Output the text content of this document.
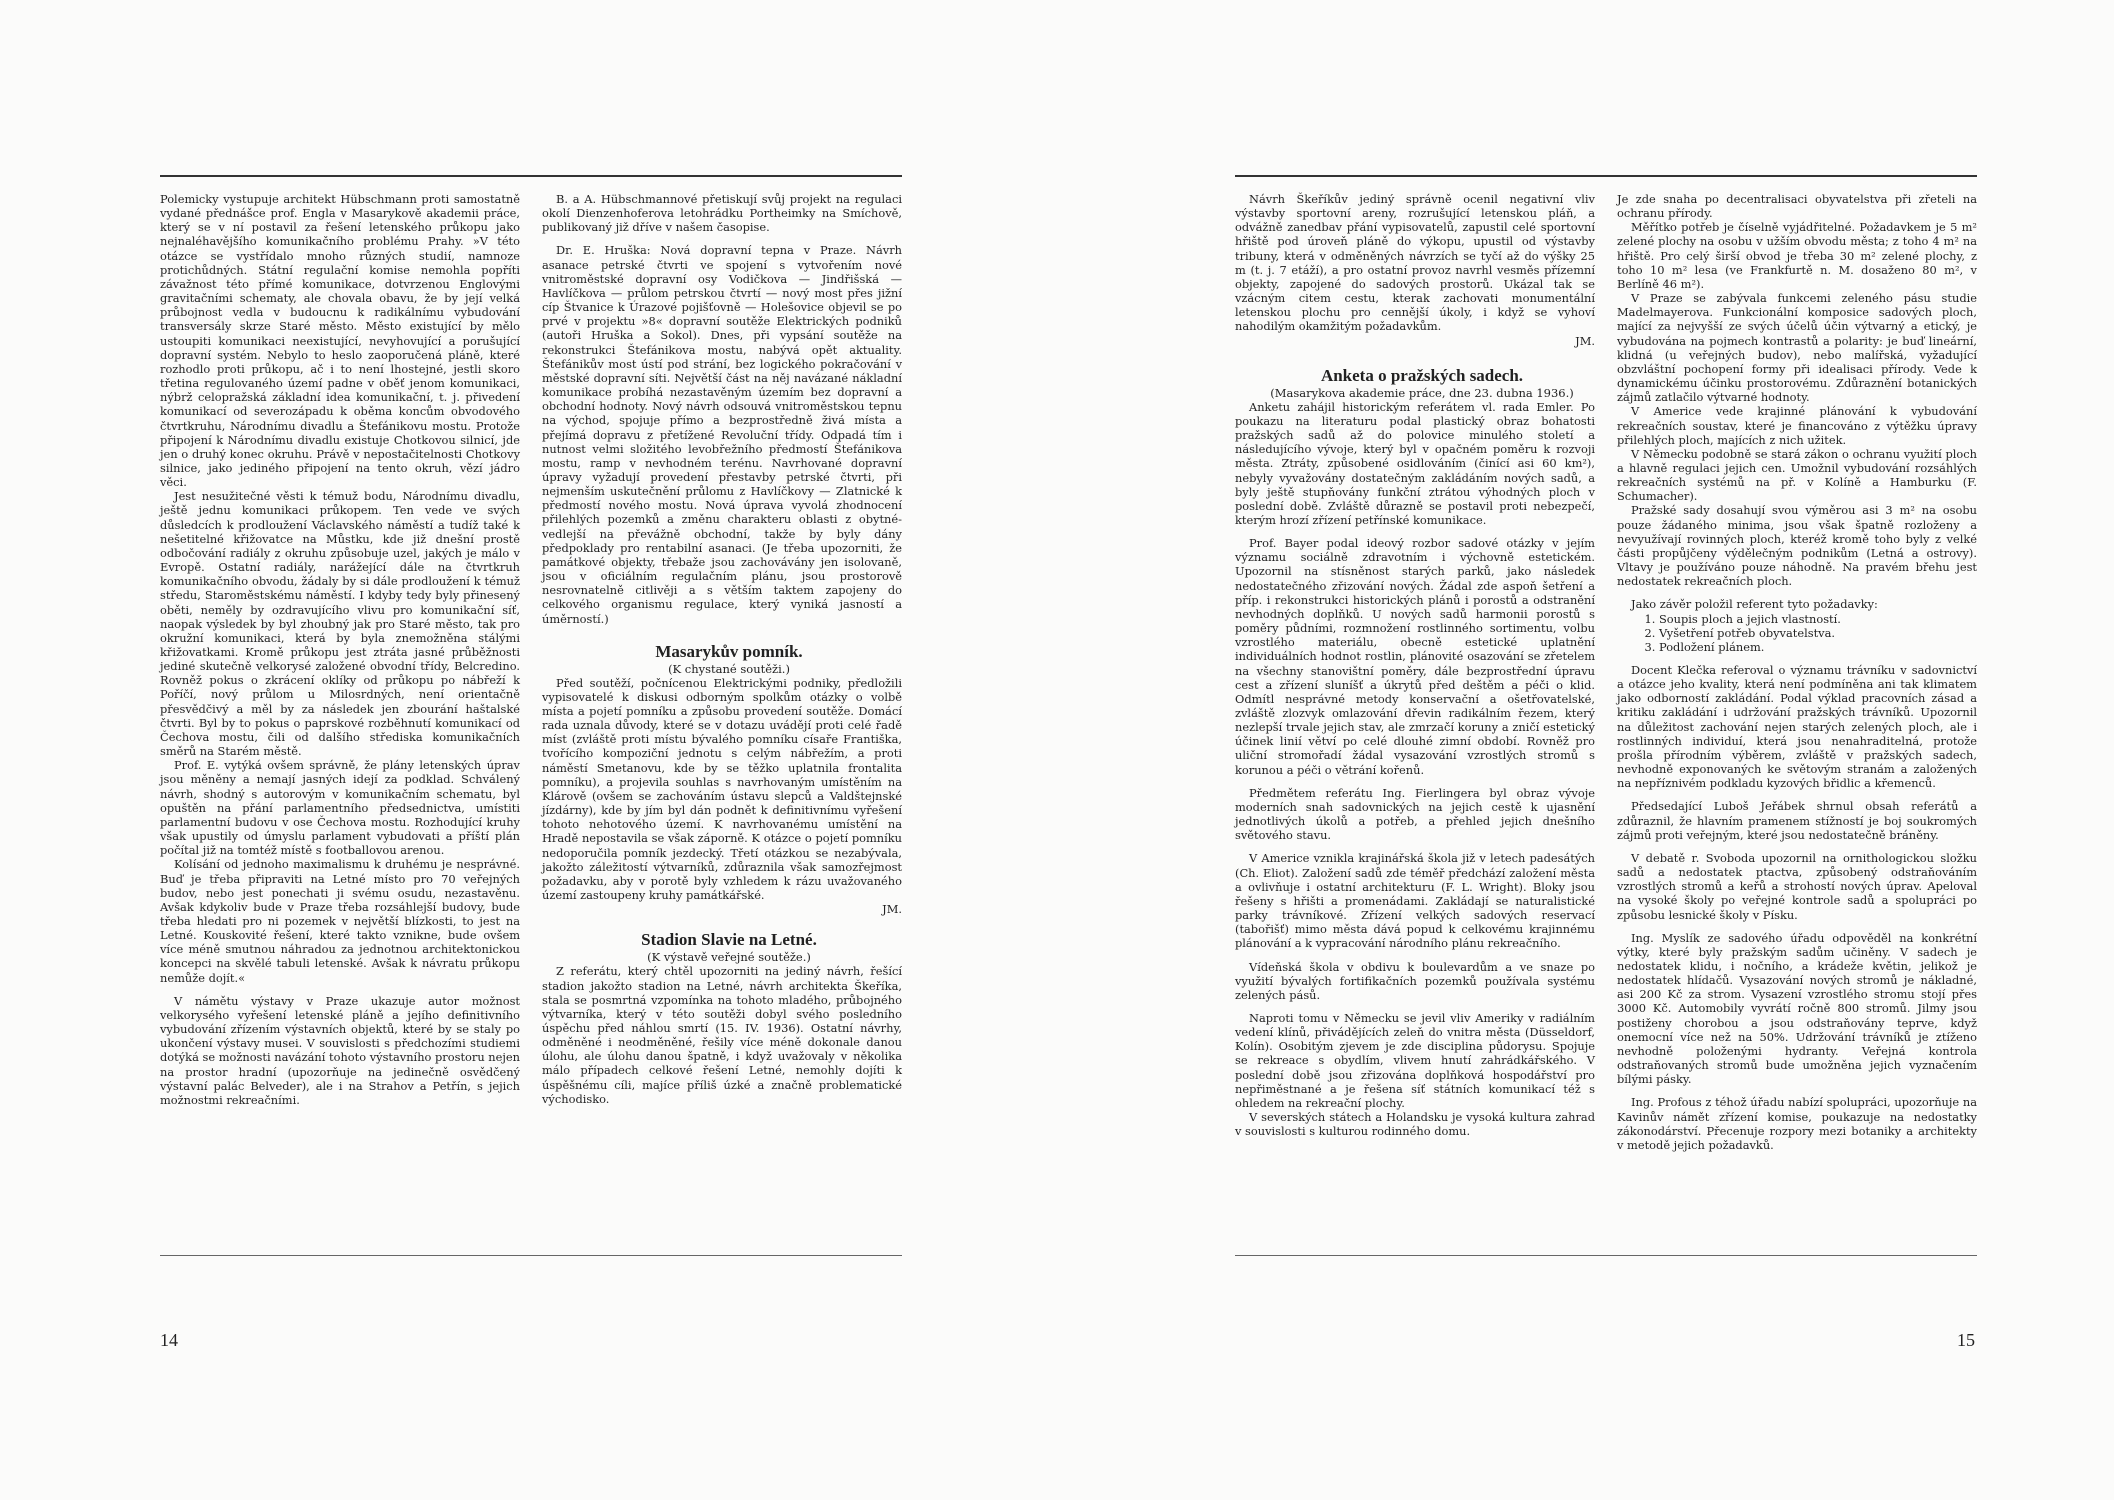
Polemicky vystupuje architekt Hübschmann proti samostatně vydané přednášce prof. Engla v Masarykově akademii práce, který se v ní postavil za řešení letenského průkopu jako nejnaléhavějšího komunikačního problému Prahy. »V této otázce se vystřídalo mnoho různých studií, namnoze protichůdných. Státní regulační komise nemohla popříti závažnost této přímé komunikace, dotvrzenou Englovými gravitačními schematy, ale chovala obavu, že by její velká průbojnost vedla v budoucnu k radikálnímu vybudování transversály skrze Staré město. Město existující by mělo ustoupiti komunikaci neexistující, nevyhovující a porušující dopravní systém. Nebylo to heslo zaoporučená pláně, které rozhodlo proti průkopu, ač i to není lhostejné, jestli skoro třetina regulovaného území padne v oběť jenom komunikaci, nýbrž celopražská základní idea komunikační, t. j. přivedení komunikací od severozápadu k oběma koncům obvodového čtvrtkruhu, Národnímu divadlu a Štefánikovu mostu. Protože připojení k Národnímu divadlu existuje Chotkovou silnicí, jde jen o druhý konec okruhu. Právě v nepostačitelnosti Chotkovy silnice, jako jediného připojení na tento okruh, vězí jádro věci.

Jest nesužitečné věsti k témuž bodu, Národnímu divadlu, ještě jednu komunikaci průkopem. Ten vede ve svých důsledcích k prodloužení Václavského náměstí a tudíž také k nešetitelné křižovatce na Můstku, kde již dnešní prostě odbočování radiály z okruhu způsobuje uzel, jakých je málo v Evropě. Ostatní radiály, narážející dále na čtvrtkruh komunikačního obvodu, žádaly by si dále prodloužení k témuž středu, Staroměstskému náměstí. I kdyby tedy byly přinesený oběti, neměly by ozdravujícího vlivu pro komunikační síť, naopak výsledek by byl zhoubný jak pro Staré město, tak pro okružní komunikaci, která by byla znemožněna stálými křižovatkami. Kromě průkopu jest ztráta jasné průběžnosti jediné skutečně velkorysé založené obvodní třídy, Belcredino. Rovněž pokus o zkrácení oklíky od průkopu po nábřeží k Poříčí, nový průlom u Milosrdných, není orientačně přesvědčivý a měl by za následek jen zbourání haštalské čtvrti. Byl by to pokus o paprskové rozběhnutí komunikací od Čechova mostu, čili od dalšího střediska komunikačních směrů na Starém městě.

Prof. E. vytýká ovšem správně, že plány letenských úprav jsou měněny a nemají jasných idejí za podklad. Schválený návrh, shodný s autorovým v komunikačním schematu, byl opuštěn na přání parlamentního předsednictva, umístiti parlamentní budovu v ose Čechova mostu. Rozhodující kruhy však upustily od úmyslu parlament vybudovati a příští plán počítal již na tomtéž místě s footballovou arenou.

Kolísání od jednoho maximalismu k druhému je nesprávné. Buď je třeba připraviti na Letné místo pro 70 veřejných budov, nebo jest ponechati ji svému osudu, nezastavěnu. Avšak kdykoliv bude v Praze třeba rozsáhlejší budovy, bude třeba hledati pro ni pozemek v největší blízkosti, to jest na Letné. Kouskovité řešení, které takto vznikne, bude ovšem více méně smutnou náhradou za jednotnou architektonickou koncepci na skvělé tabuli letenské. Avšak k návratu průkopu nemůže dojít.«

V námětu výstavy v Praze ukazuje autor možnost velkorysého vyřešení letenské pláně a jejího definitivního vybudování zřízením výstavních objektů, které by se staly po ukončení výstavy musei. V souvislosti s předchozími studiemi dotýká se možnosti navázání tohoto výstavního prostoru nejen na prostor hradní (upozorňuje na jedinečně osvědčený výstavní palác Belveder), ale i na Strahov a Petřín, s jejich možnostmi rekreačními.

B. a A. Hübschmannové přetiskují svůj projekt na regulaci okolí Dienzenhoferova letohrádku Portheimky na Smíchově, publikovaný již dříve v našem časopise.

Dr. E. Hruška: Nová dopravní tepna v Praze. Návrh asanace petrské čtvrti ve spojení s vytvořením nové vnitroměstské dopravní osy Vodičkova — Jindřišská — Havlíčkova — průlom petrskou čtvrtí — nový most přes jižní cíp Štvanice k Úrazové pojišťovně — Holešovice objevil se po prvé v projektu »8« dopravní soutěže Elektrických podniků (autoři Hruška a Sokol). Dnes, při vypsání soutěže na rekonstrukci Štefánikova mostu, nabývá opět aktuality. Štefánikův most ústí pod strání, bez logického pokračování v městské dopravní síti. Největší část na něj navázané nákladní komunikace probíhá nezastavěným územím bez dopravní a obchodní hodnoty. Nový návrh odsouvá vnitroměstskou tepnu na východ, spojuje přímo a bezprostředně živá místa a přejímá dopravu z přetížené Revoluční třídy. Odpadá tím i nutnost velmi složitého levobřežního předmostí Štefánikova mostu, ramp v nevhodném terénu. Navrhované dopravní úpravy vyžadují provedení přestavby petrské čtvrti, při nejmenším uskutečnění průlomu z Havlíčkovy — Zlatnické k předmostí nového mostu. Nová úprava vyvolá zhodnocení přilehlých pozemků a změnu charakteru oblasti z obytné-vedlejší na převážně obchodní, takže by byly dány předpoklady pro rentabilní asanaci. (Je třeba upozorniti, že památkové objekty, třebaže jsou zachovávány jen isolovaně, jsou v oficiálním regulačním plánu, jsou prostorově nesrovnatelně citlivěji a s větším taktem zapojeny do celkového organismu regulace, který vyniká jasností a úměrností.)

Masarykův pomník.

(K chystané soutěži.)

Před soutěží, počnícenou Elektrickými podniky, předložili vypisovatelé k diskusi odborným spolkům otázky o volbě místa a pojetí pomníku a způsobu provedení soutěže. Domácí rada uznala důvody, které se v dotazu uvádějí proti celé řadě míst (zvláště proti místu bývalého pomníku císaře Františka, tvořícího kompoziční jednotu s celým nábřežím, a proti náměstí Smetanovu, kde by se těžko uplatnila frontalita pomníku), a projevila souhlas s navrhovaným umístěním na Klárově (ovšem se zachováním ústavu slepců a Valdštejnské jízdárny), kde by jím byl dán podnět k definitivnímu vyřešení tohoto nehotového území. K navrhovanému umístění na Hradě nepostavila se však záporně. K otázce o pojetí pomníku nedoporučila pomník jezdecký. Třetí otázkou se nezabývala, jakožto záležitostí výtvarníků, zdůraznila však samozřejmost požadavku, aby v porotě byly vzhledem k rázu uvažovaného území zastoupeny kruhy památkářské.

JM.

Stadion Slavie na Letné.

(K výstavě veřejné soutěže.)

Z referátu, který chtěl upozorniti na jediný návrh, řešící stadion jakožto stadion na Letné, návrh architekta Škeříka, stala se posmrtná vzpomínka na tohoto mladého, průbojného výtvarníka, který v této soutěži dobyl svého posledního úspěchu před náhlou smrtí (15. IV. 1936). Ostatní návrhy, odměněné i neodměněné, řešily více méně dokonale danou úlohu, ale úlohu danou špatně, i když uvažovaly v několika málo případech celkové řešení Letné, nemohly dojíti k úspěšnému cíli, majíce příliš úzké a značně problematické východisko.

14

Návrh Škeříkův jediný správně ocenil negativní vliv výstavby sportovní areny, rozrušující letenskou pláň, a odvážně zanedbav přání vypisovatelů, zapustil celé sportovní hřiště pod úroveň pláně do výkopu, upustil od výstavby tribuny, která v odměněných návrzích se tyčí až do výšky 25 m (t. j. 7 etáží), a pro ostatní provoz navrhl vesměs přízemní objekty, zapojené do sadových prostorů. Ukázal tak se vzácným citem cestu, kterak zachovati monumentální letenskou plochu pro cennější úkoly, i když se vyhoví nahodilým okamžitým požadavkům.

JM.

Anketa o pražských sadech.

(Masarykova akademie práce, dne 23. dubna 1936.)

Anketu zahájil historickým referátem vl. rada Emler. Po poukazu na literaturu podal plastický obraz bohatosti pražských sadů až do polovice minulého století a následujícího vývoje, který byl v opačném poměru k rozvoji města. Ztráty, způsobené osidlováním (činící asi 60 km²), nebyly vyvažovány dostatečným zakládáním nových sadů, a byly ještě stupňovány funkční ztrátou výhodných ploch v poslední době. Zvláště důrazně se postavil proti nebezpečí, kterým hrozí zřízení petřínské komunikace.

Prof. Bayer podal ideový rozbor sadové otázky v jejím významu sociálně zdravotním i výchovně estetickém. Upozornil na stísněnost starých parků, jako následek nedostatečného zřizování nových. Žádal zde aspoň šetření a příp. i rekonstrukci historických plánů i porostů a odstranění nevhodných doplňků. U nových sadů harmonii porostů s poměry půdními, rozmnožení rostlinného sortimentu, volbu vzrostlého materiálu, obecně estetické uplatnění individuálních hodnot rostlin, plánovité osazování se zřetelem na všechny stanovištní poměry, dále bezprostřední úpravu cest a zřízení sluníšť a úkrytů před deštěm a péči o klid. Odmítl nesprávné metody konservační a ošetřovatelské, zvláště zlozvyk omlazování dřevin radikálním řezem, který nezlepší trvale jejich stav, ale zmrzačí koruny a zničí estetický účinek linií větví po celé dlouhé zimní období. Rovněž pro uliční stromořadí žádal vysazování vzrostlých stromů s korunou a péči o větrání kořenů.

Předmětem referátu Ing. Fierlingera byl obraz vývoje moderních snah sadovnických na jejich cestě k ujasnění jednotlivých úkolů a potřeb, a přehled jejich dnešního světového stavu.

V Americe vznikla krajinářská škola již v letech padesátých (Ch. Eliot). Založení sadů zde téměř předchází založení města a ovlivňuje i ostatní architekturu (F. L. Wright). Bloky jsou řešeny s hřišti a promenádami. Zakládají se naturalistické parky trávníkové. Zřízení velkých sadových reservací (tabořišť) mimo města dává popud k celkovému krajinnému plánování a k vypracování národního plánu rekreačního.

Vídeňská škola v obdivu k boulevardům a ve snaze po využití bývalých fortifikačních pozemků používala systému zelených pásů.

Naproti tomu v Německu se jevil vliv Ameriky v radiálním vedení klínů, přivádějících zeleň do vnitra města (Düsseldorf, Kolín). Osobitým zjevem je zde disciplina půdorysu. Spojuje se rekreace s obydlím, vlivem hnutí zahrádkářského. V poslední době jsou zřizována doplňková hospodářství pro nepřiměstnané a je řešena síť státních komunikací též s ohledem na rekreační plochy.

V severských státech a Holandsku je vysoká kultura zahrad v souvislosti s kulturou rodinného domu.

Je zde snaha po decentralisaci obyvatelstva při zřeteli na ochranu přírody.

Měřítko potřeb je číselně vyjádřitelné. Požadavkem je 5 m² zelené plochy na osobu v užším obvodu města; z toho 4 m² na hřiště. Pro celý širší obvod je třeba 30 m² zelené plochy, z toho 10 m² lesa (ve Frankfurtě n. M. dosaženo 80 m², v Berlíně 46 m²).

V Praze se zabývala funkcemi zeleného pásu studie Madelmayerova. Funkcionální komposice sadových ploch, mající za nejvyšší ze svých účelů účin výtvarný a etický, je vybudována na pojmech kontrastů a polarity: je buď lineární, klidná (u veřejných budov), nebo malířská, vyžadující obzvláštní pochopení formy při idealisaci přírody. Vede k dynamickému účinku prostorovému. Zdůraznění botanických zájmů zatlačilo výtvarné hodnoty.

V Americe vede krajinné plánování k vybudování rekreačních soustav, které je financováno z výtěžku úpravy přilehlých ploch, majících z nich užitek.

V Německu podobně se stará zákon o ochranu využití ploch a hlavně regulaci jejich cen. Umožnil vybudování rozsáhlých rekreačních systémů na př. v Kolíně a Hamburku (F. Schumacher).

Pražské sady dosahují svou výměrou asi 3 m² na osobu pouze žádaného minima, jsou však špatně rozloženy a nevyužívají rovinných ploch, kteréž kromě toho byly z velké části propůjčeny výdělečným podnikům (Letná a ostrovy). Vltavy je používáno pouze náhodně. Na pravém břehu jest nedostatek rekreačních ploch.

Jako závěr položil referent tyto požadavky:

1. Soupis ploch a jejich vlastností.
2. Vyšetření potřeb obyvatelstva.
3. Podložení plánem.

Docent Klečka referoval o významu trávníku v sadovnictví a otázce jeho kvality, která není podmíněna ani tak klimatem jako odborností zakládání. Podal výklad pracovních zásad a kritiku zakládání i udržování pražských trávníků. Upozornil na důležitost zachování nejen starých zelených ploch, ale i rostlinných individuí, která jsou nenahraditelná, protože prošla přírodním výběrem, zvláště v pražských sadech, nevhodně exponovaných ke světovým stranám a založených na nepříznivém podkladu kyzových břidlic a křemenců.

Předsedající Luboš Jeřábek shrnul obsah referátů a zdůraznil, že hlavním pramenem stížností je boj soukromých zájmů proti veřejným, které jsou nedostatečně bráněny.

V debatě r. Svoboda upozornil na ornithologickou složku sadů a nedostatek ptactva, způsobený odstraňováním vzrostlých stromů a keřů a strohostí nových úprav. Apeloval na vysoké školy po veřejné kontrole sadů a spolupráci po způsobu lesnické školy v Písku.

Ing. Myslík ze sadového úřadu odpověděl na konkrétní výtky, které byly pražským sadům učiněny. V sadech je nedostatek klidu, i nočního, a krádeže květin, jelikož je nedostatek hlídačů. Vysazování nových stromů je nákladné, asi 200 Kč za strom. Vysazení vzrostlého stromu stojí přes 3000 Kč. Automobily vyvrátí ročně 800 stromů. Jilmy jsou postiženy chorobou a jsou odstraňovány teprve, když onemocní více než na 50%. Udržování trávníků je ztíženo nevhodně položenými hydranty. Veřejná kontrola odstraňovaných stromů bude umožněna jejich vyznačením bílými pásky.

Ing. Profous z téhož úřadu nabízí spolupráci, upozorňuje na Kavinův námět zřízení komise, poukazuje na nedostatky zákonodárství. Přecenuje rozpory mezi botaniky a architekty v metodě jejich požadavků.

15
